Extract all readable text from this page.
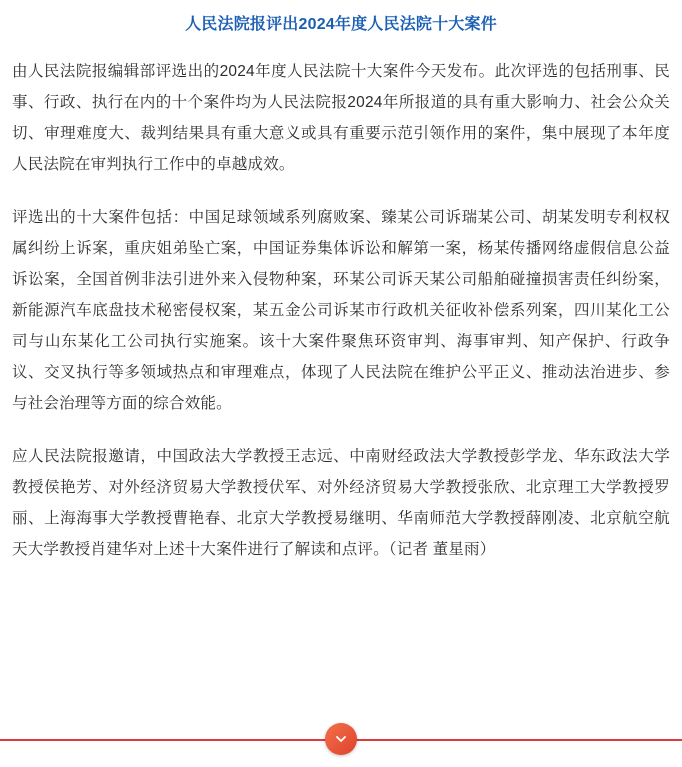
人民法院报评出2024年度人民法院十大案件

由人民法院报编辑部评选出的2024年度人民法院十大案件今天发布。此次评选的包括刑事、民事、行政、执行在内的十个案件均为人民法院报2024年所报道的具有重大影响力、社会公众关切、审理难度大、裁判结果具有重大意义或具有重要示范引领作用的案件，集中展现了本年度人民法院在审判执行工作中的卓越成效。

评选出的十大案件包括：中国足球领域系列腐败案、臻某公司诉瑞某公司、胡某发明专利权权属纠纷上诉案，重庆姐弟坠亡案，中国证券集体诉讼和解第一案，杨某传播网络虚假信息公益诉讼案，全国首例非法引进外来入侵物种案，环某公司诉天某公司船舶碰撞损害责任纠纷案，新能源汽车底盘技术秘密侵权案，某五金公司诉某市行政机关征收补偿系列案，四川某化工公司与山东某化工公司执行实施案。该十大案件聚焦环资审判、海事审判、知产保护、行政争议、交叉执行等多领域热点和审理难点，体现了人民法院在维护公平正义、推动法治进步、参与社会治理等方面的综合效能。

应人民法院报邀请，中国政法大学教授王志远、中南财经政法大学教授彭学龙、华东政法大学教授侯艳芳、对外经济贸易大学教授伏军、对外经济贸易大学教授张欣、北京理工大学教授罗丽、上海海事大学教授曹艳春、北京大学教授易继明、华南师范大学教授薛刚凌、北京航空航天大学教授肖建华对上述十大案件进行了解读和点评。（记者 董星雨）
